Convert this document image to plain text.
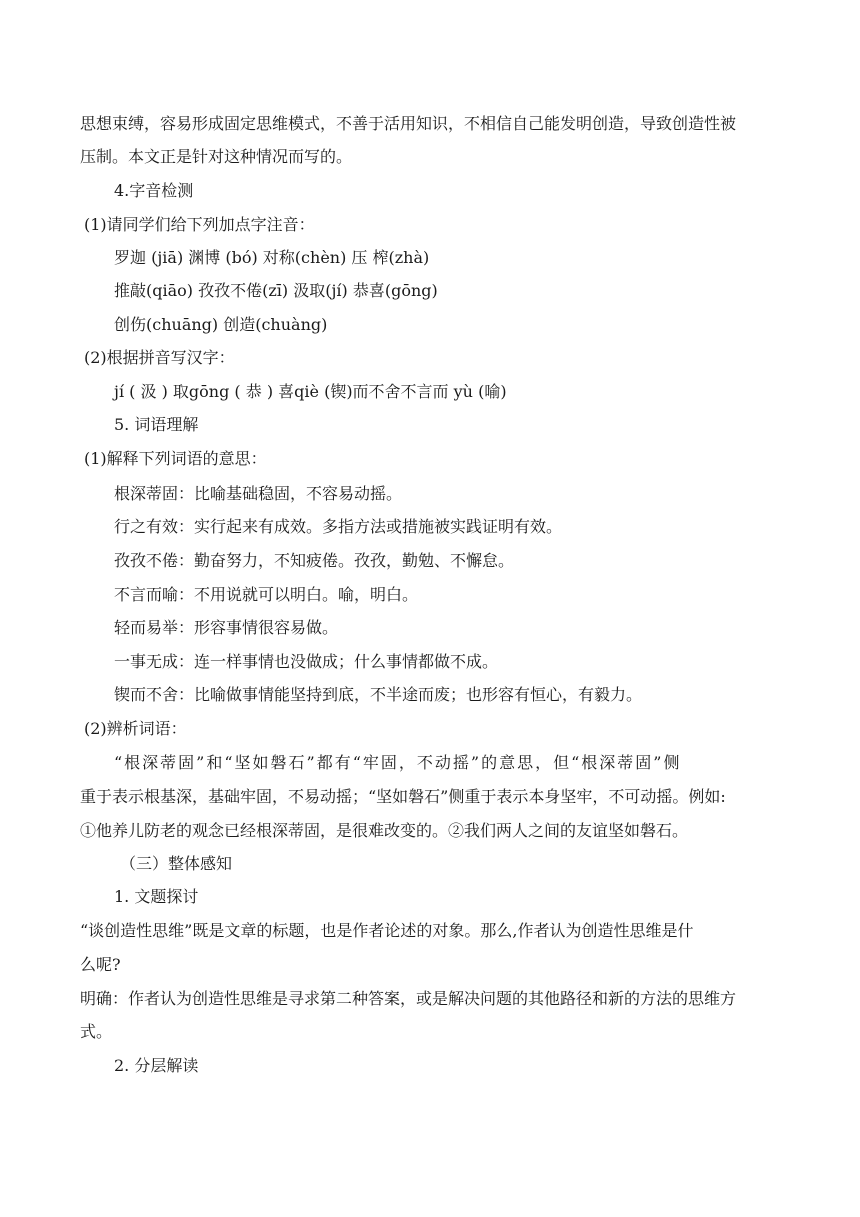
思想束缚，容易形成固定思维模式，不善于活用知识，不相信自己能发明创造，导致创造性被
压制。本文正是针对这种情况而写的。
4.字音检测
(1)请同学们给下列加点字注音：
罗迦 (jiā) 渊博 (bó) 对称(chèn) 压 榨(zhà)
推敲(qiāo) 孜孜不倦(zī) 汲取(jí) 恭喜(gōng)
创伤(chuāng) 创造(chuàng)
(2)根据拼音写汉字：
jí ( 汲 ) 取gōng ( 恭 ) 喜qiè (锲)而不舍不言而 yù (喻)
5. 词语理解
(1)解释下列词语的意思：
根深蒂固：比喻基础稳固，不容易动摇。
行之有效：实行起来有成效。多指方法或措施被实践证明有效。
孜孜不倦：勤奋努力，不知疲倦。孜孜，勤勉、不懈怠。
不言而喻：不用说就可以明白。喻，明白。
轻而易举：形容事情很容易做。
一事无成：连一样事情也没做成；什么事情都做不成。
锲而不舍：比喻做事情能坚持到底，不半途而废；也形容有恒心，有毅力。
(2)辨析词语：
“根深蒂固”和“坚如磐石”都有“牢固，不动摇”的意思，但“根深蒂固”侧
重于表示根基深，基础牢固，不易动摇；“坚如磐石”侧重于表示本身坚牢，不可动摇。例如:
①他养儿防老的观念已经根深蒂固，是很难改变的。②我们两人之间的友谊坚如磐石。
（三）整体感知
1. 文题探讨
“谈创造性思维”既是文章的标题，也是作者论述的对象。那么,作者认为创造性思维是什
么呢?
明确：作者认为创造性思维是寻求第二种答案，或是解决问题的其他路径和新的方法的思维方
式。
2. 分层解读
